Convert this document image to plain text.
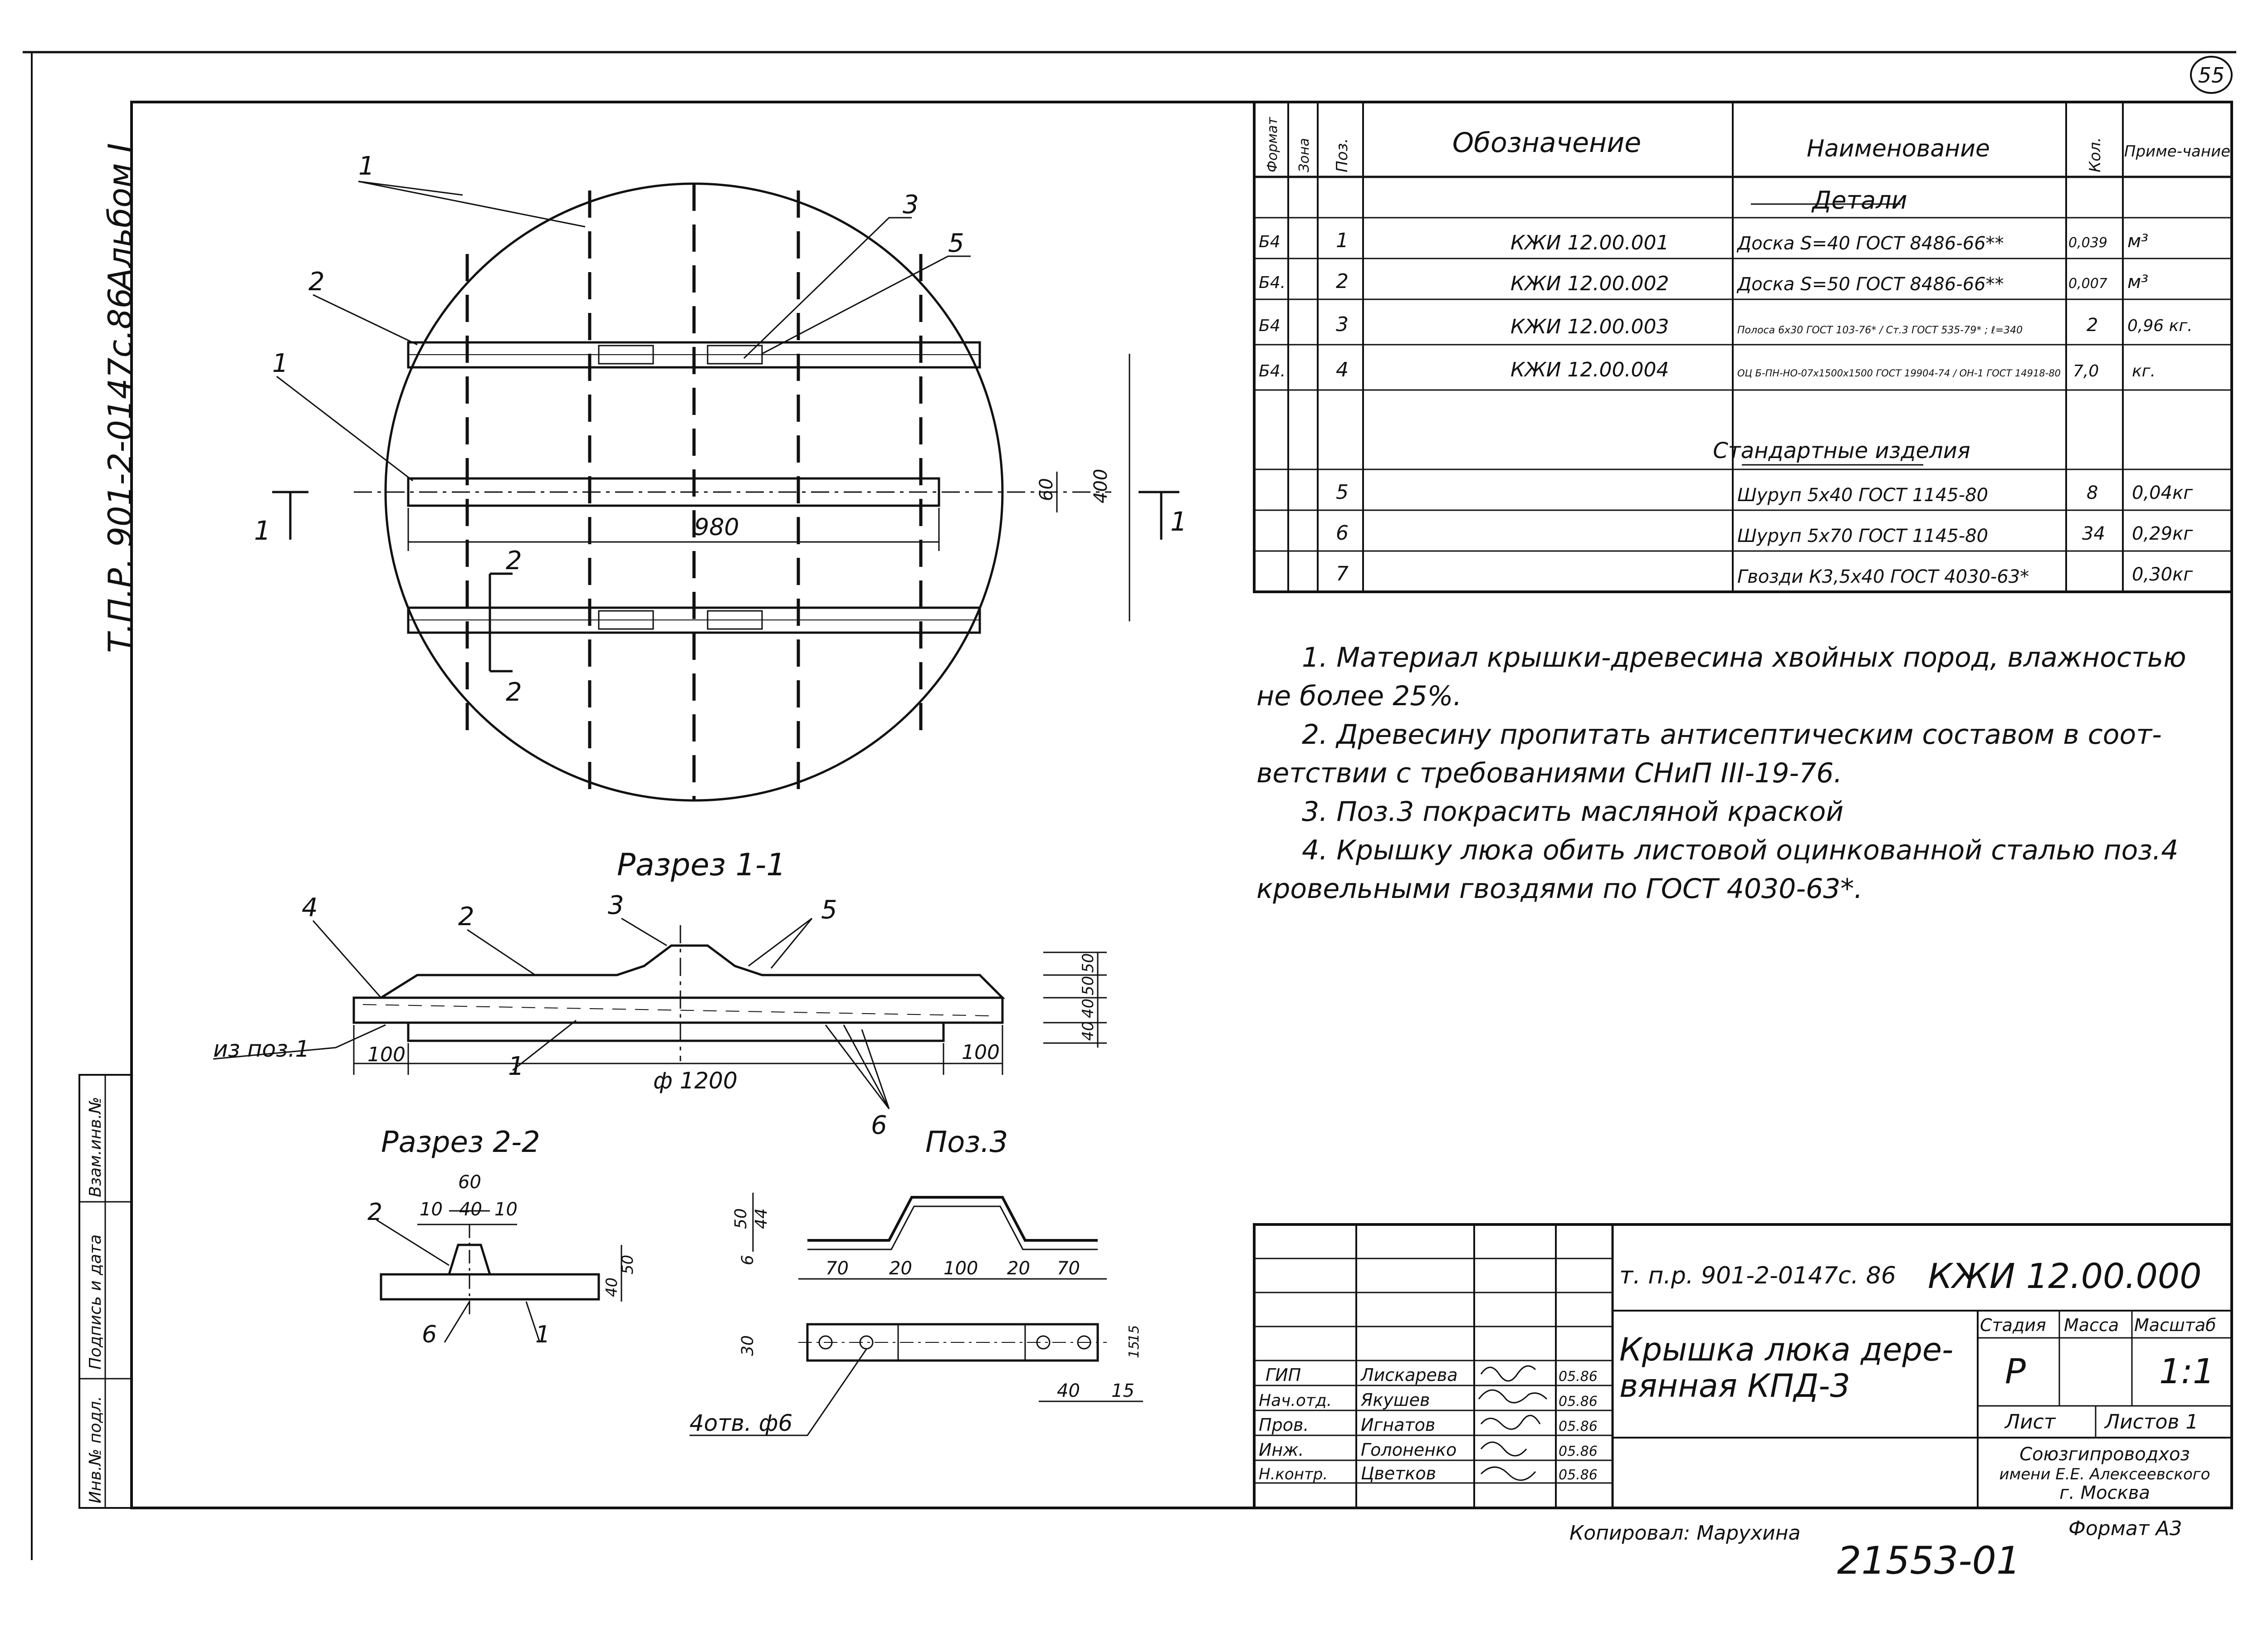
55
Т.П.Р. 901-2-0147с.86
Альбом I
Инв.№ подл.
Подпись и дата
Взам.инв.№
1	1
2
2
980
60 400
1
2
1
3
5
Разрез 1-1
4	2	3	5
1
6
из поз.1	100
ф 1200
100
50
50
40
40
Разрез 2-2
60
10 40 10
40
50
2
6	1
Поз.3
70 20 100 20 70
50 44
6
30
15
15
40 15
4отв. ф6
Формат Зона Поз.	Обозначение	Наименование	Кол. Приме-чание
Детали
Стандартные изделия
Б4	1	КЖИ 12.00.001	Доска S=40 ГОСТ 8486-66**	0,039 м³
Б4.	2	КЖИ 12.00.002	Доска S=50 ГОСТ 8486-66**	0,007 м³
Б4	3	КЖИ 12.00.003	Полоса 6х30 ГОСТ 103-76* / Ст.3 ГОСТ 535-79* ; ℓ=340	2 0,96 кг.
Б4.	4	КЖИ 12.00.004	ОЦ Б-ПН-НО-07х1500х1500 ГОСТ 19904-74 / ОН-1 ГОСТ 14918-80 7,0 кг.
5	Шуруп 5х40 ГОСТ 1145-80	8 0,04кг
6	Шуруп 5х70 ГОСТ 1145-80	34 0,29кг
7	Гвозди К3,5х40 ГОСТ 4030-63*	0,30кг
1. Материал крышки-древесина хвойных пород, влажностью
не более 25%.
2. Древесину пропитать антисептическим составом в соот-
ветствии с требованиями СНиП III-19-76.
3. Поз.3 покрасить масляной краской
4. Крышку люка обить листовой оцинкованной сталью поз.4
кровельными гвоздями по ГОСТ 4030-63*.
т. п.р. 901-2-0147с. 86 КЖИ 12.00.000
Крышка люка дере-
вянная КПД-3
Стадия Масса Масштаб
Р	1:1
Лист Листов 1
Союзгипроводхоз
имени Е.Е. Алексеевского
г. Москва
ГИП	Лискарева	05.86
Нач.отд. Якушев	05.86
Пров.	Игнатов	05.86
Инж.	Голоненко	05.86
Н.контр. Цветков	05.86
Копировал: Марухина	Формат А3
21553-01
